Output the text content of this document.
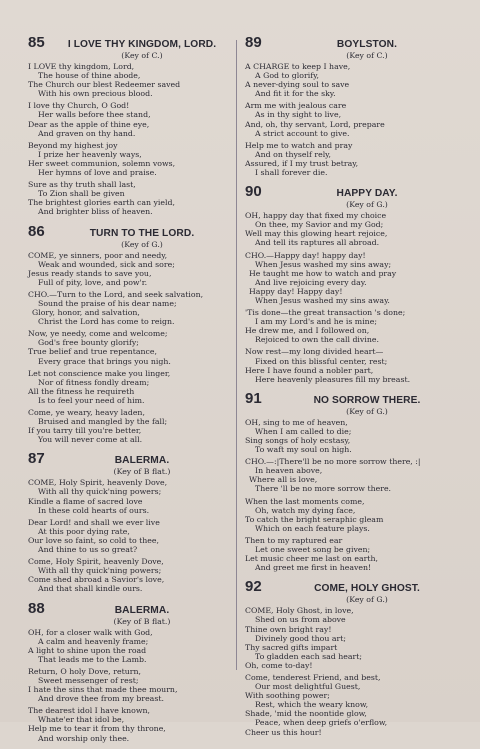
85	I LOVE THY KINGDOM, LORD.
(Key of C.)
I LOVE thy kingdom, Lord,
The house of thine abode,
The Church our blest Redeemer saved
With his own precious blood.
I love thy Church, O God!
Her walls before thee stand,
Dear as the apple of thine eye,
And graven on thy hand.
Beyond my highest joy
I prize her heavenly ways,
Her sweet communion, solemn vows,
Her hymns of love and praise.
Sure as thy truth shall last,
To Zion shall be given
The brightest glories earth can yield,
And brighter bliss of heaven.
86	TURN TO THE LORD.
(Key of G.)
COME, ye sinners, poor and needy,
Weak and wounded, sick and sore;
Jesus ready stands to save you,
Full of pity, love, and pow'r.
CHO.—Turn to the Lord, and seek salvation,
Sound the praise of his dear name;
Glory, honor, and salvation,
Christ the Lord has come to reign.
Now, ye needy, come and welcome;
God's free bounty glorify;
True belief and true repentance,
Every grace that brings you nigh.
Let not conscience make you linger,
Nor of fitness fondly dream;
All the fitness he requireth
Is to feel your need of him.
Come, ye weary, heavy laden,
Bruised and mangled by the fall;
If you tarry till you're better,
You will never come at all.
87	BALERMA.
(Key of B flat.)
COME, Holy Spirit, heavenly Dove,
With all thy quick'ning powers;
Kindle a flame of sacred love
In these cold hearts of ours.
Dear Lord! and shall we ever live
At this poor dying rate,
Our love so faint, so cold to thee,
And thine to us so great?
Come, Holy Spirit, heavenly Dove,
With all thy quick'ning powers;
Come shed abroad a Savior's love,
And that shall kindle ours.
88	BALERMA.
(Key of B flat.)
OH, for a closer walk with God,
A calm and heavenly frame;
A light to shine upon the road
That leads me to the Lamb.
Return, O holy Dove, return,
Sweet messenger of rest;
I hate the sins that made thee mourn,
And drove thee from my breast.
The dearest idol I have known,
Whate'er that idol be,
Help me to tear it from thy throne,
And worship only thee.
89	BOYLSTON.
(Key of C.)
A CHARGE to keep I have,
A God to glorify,
A never-dying soul to save
And fit it for the sky.
Arm me with jealous care
As in thy sight to live,
And, oh, thy servant, Lord, prepare
A strict account to give.
Help me to watch and pray
And on thyself rely,
Assured, if I my trust betray,
I shall forever die.
90	HAPPY DAY.
(Key of G.)
OH, happy day that fixed my choice
On thee, my Savior and my God;
Well may this glowing heart rejoice,
And tell its raptures all abroad.
CHO.—Happy day! happy day!
When Jesus washed my sins away;
He taught me how to watch and pray
And live rejoicing every day.
Happy day! Happy day!
When Jesus washed my sins away.
'Tis done—the great transaction 's done;
I am my Lord's and he is mine;
He drew me, and I followed on,
Rejoiced to own the call divine.
Now rest—my long divided heart—
Fixed on this blissful center, rest;
Here I have found a nobler part,
Here heavenly pleasures fill my breast.
91	NO SORROW THERE.
(Key of G.)
OH, sing to me of heaven,
When I am called to die;
Sing songs of holy ecstasy,
To waft my soul on high.
CHO.—:|There'll be no more sorrow there, :|
In heaven above,
Where all is love,
There 'll be no more sorrow there.
When the last moments come,
Oh, watch my dying face,
To catch the bright seraphic gleam
Which on each feature plays.
Then to my raptured ear
Let one sweet song be given;
Let music cheer me last on earth,
And greet me first in heaven!
92	COME, HOLY GHOST.
(Key of G.)
COME, Holy Ghost, in love,
Shed on us from above
Thine own bright ray!
Divinely good thou art;
Thy sacred gifts impart
To gladden each sad heart;
Oh, come to-day!
Come, tenderest Friend, and best,
Our most delightful Guest,
With soothing power;
Rest, which the weary know,
Shade, 'mid the noontide glow,
Peace, when deep griefs o'erflow,
Cheer us this hour!
